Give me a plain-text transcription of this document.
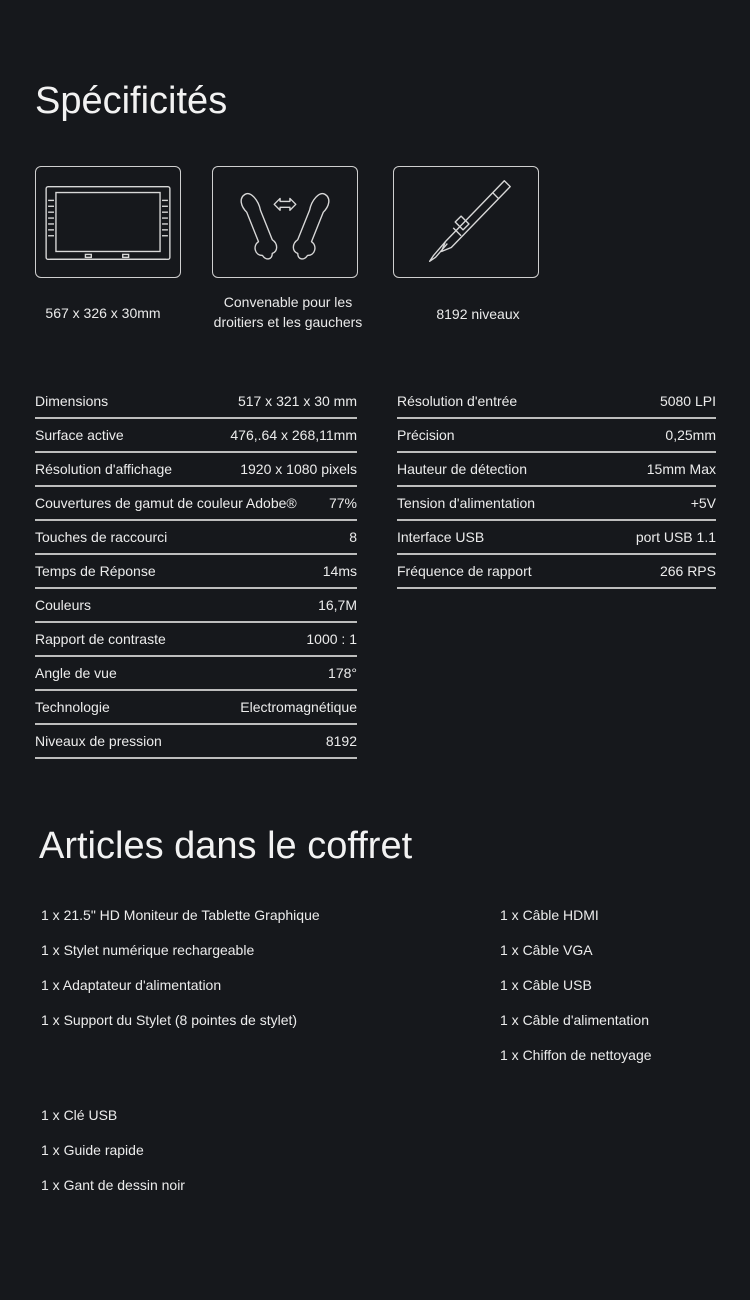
Spécificités
567 x 326 x 30mm
Convenable pour les droitiers et les gauchers	8192 niveaux
Dimensions	517 x 321 x 30 mm
Surface active	476,.64 x 268,11mm
Résolution d'affichage	1920 x 1080 pixels
Couvertures de gamut de couleur Adobe® 77%
Touches de raccourci	8
Temps de Réponse	14ms
Couleurs	16,7M
Rapport de contraste	1000 : 1
Angle de vue	178°
Technologie	Electromagnétique
Niveaux de pression	8192
Résolution d'entrée	5080 LPI
Précision	0,25mm
Hauteur de détection	15mm Max
Tension d'alimentation	+5V
Interface USB	port USB 1.1
Fréquence de rapport	266 RPS
Articles dans le coffret
1 x 21.5" HD Moniteur de Tablette Graphique
1 x Stylet numérique rechargeable
1 x Adaptateur d'alimentation
1 x Support du Stylet (8 pointes de stylet)
1 x Câble HDMI
1 x Câble VGA
1 x Câble USB
1 x Câble d'alimentation
1 x Chiffon de nettoyage
1 x Clé USB
1 x Guide rapide
1 x Gant de dessin noir
